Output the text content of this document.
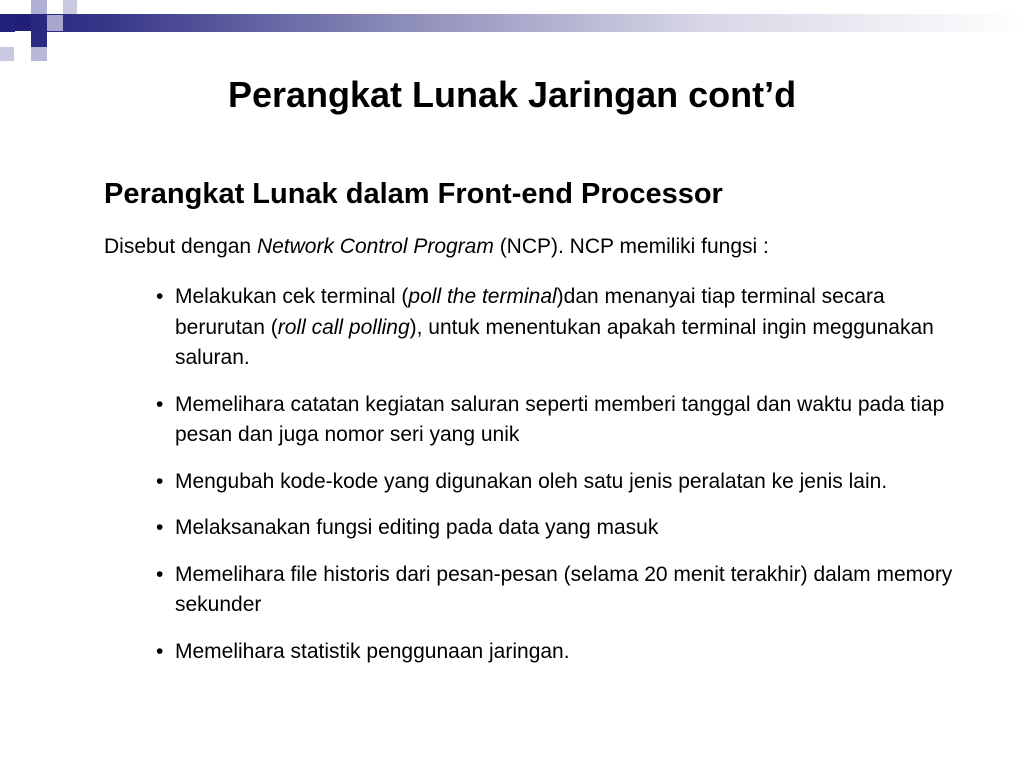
Perangkat Lunak Jaringan cont’d
Perangkat Lunak dalam Front-end Processor

Disebut dengan Network Control Program (NCP). NCP memiliki fungsi :

• Melakukan cek terminal (poll the terminal)dan menanyai tiap terminal secara berurutan (roll call polling), untuk menentukan apakah terminal ingin meggunakan saluran.
• Memelihara catatan kegiatan saluran seperti memberi tanggal dan waktu pada tiap pesan dan juga nomor seri yang unik
• Mengubah kode-kode yang digunakan oleh satu jenis peralatan ke jenis lain.
• Melaksanakan fungsi editing pada data yang masuk
• Memelihara file historis dari pesan-pesan (selama 20 menit terakhir) dalam memory sekunder
• Memelihara statistik penggunaan jaringan.
